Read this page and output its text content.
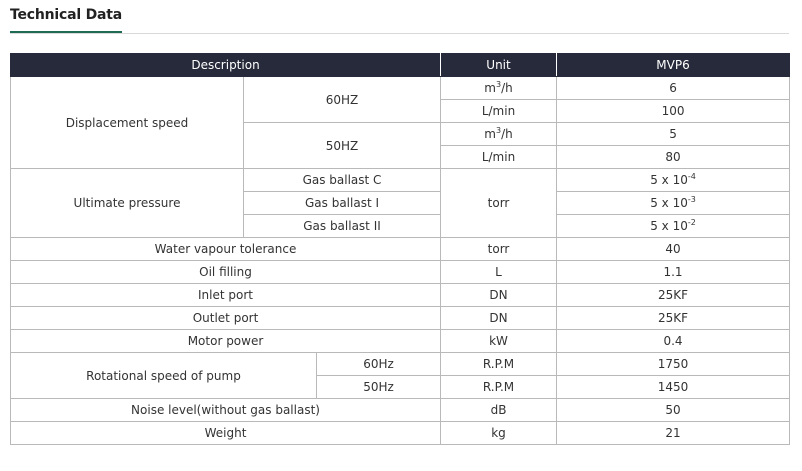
Technical Data
Description			Unit	MVP6
Displacement speed	60HZ		$m^3/h$	6
			L/min	100
	50HZ		$m^3/h$	5
			L/min	80
Ultimate pressure	Gas ballast C		torr	5 x $10^{-4}$
	Gas ballast I			5 x $10^{-3}$
	Gas ballast II			5 x $10^{-2}$
Water vapour tolerance			torr	40
Oil filling			L	1.1
Inlet port			DN	25KF
Outlet port			DN	25KF
Motor power			kW	0.4
Rotational speed of pump		60Hz	R.P.M	1750
		50Hz	R.P.M	1450
Noise level(without gas ballast)			dB	50
Weight			kg	21
